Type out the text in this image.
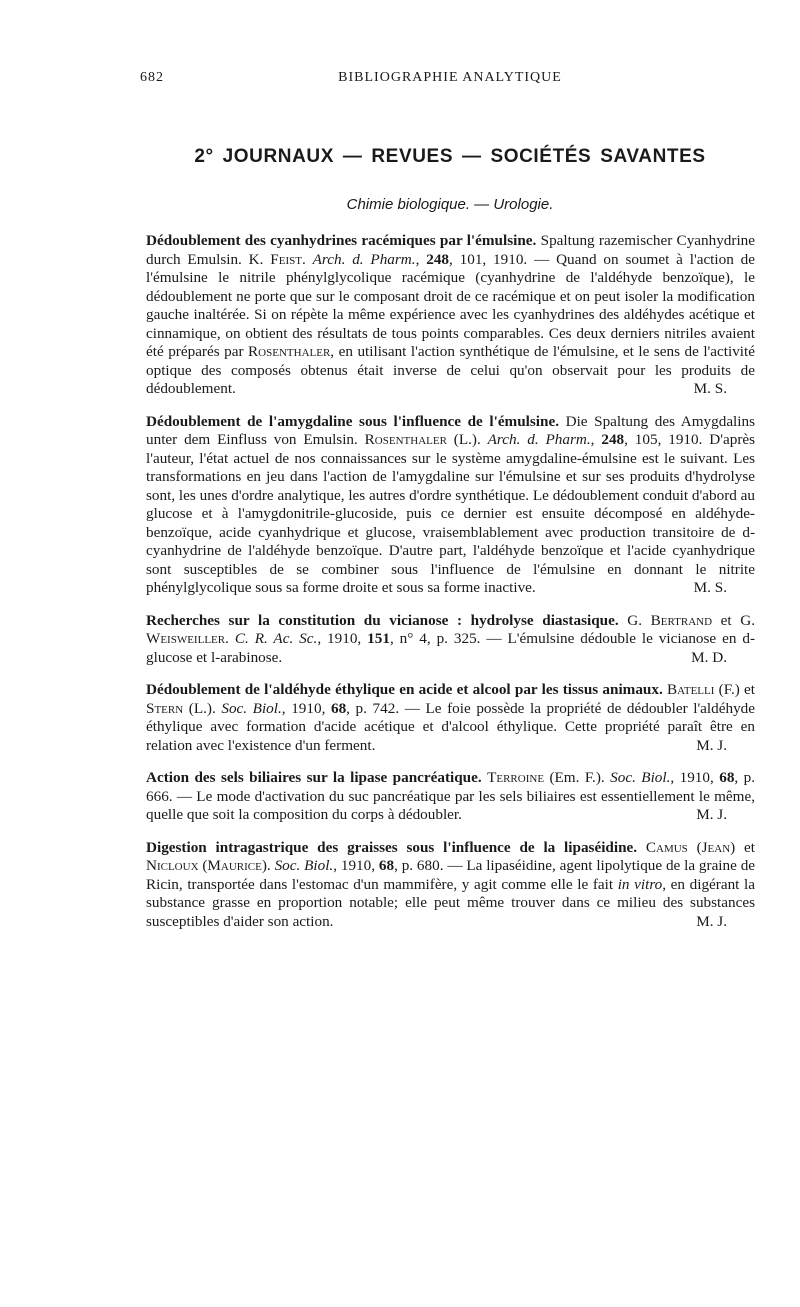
682	BIBLIOGRAPHIE ANALYTIQUE
2° JOURNAUX — REVUES — SOCIÉTÉS SAVANTES
Chimie biologique. — Urologie.

Dédoublement des cyanhydrines racémiques par l'émulsine. Spaltung razemischer Cyanhydrine durch Emulsin. K. Feist. Arch. d. Pharm., 248, 101, 1910. — Quand on soumet à l'action de l'émulsine le nitrile phénylglycolique racémique (cyanhydrine de l'aldéhyde benzoïque), le dédoublement ne porte que sur le composant droit de ce racémique et on peut isoler la modification gauche inaltérée. Si on répète la même expérience avec les cyanhydrines des aldéhydes acétique et cinnamique, on obtient des résultats de tous points comparables. Ces deux derniers nitriles avaient été préparés par Rosenthaler, en utilisant l'action synthétique de l'émulsine, et le sens de l'activité optique des composés obtenus était inverse de celui qu'on observait pour les produits de dédoublement.	M. S.

Dédoublement de l'amygdaline sous l'influence de l'émulsine. Die Spaltung des Amygdalins unter dem Einfluss von Emulsin. Rosenthaler (L.). Arch. d. Pharm., 248, 105, 1910. D'après l'auteur, l'état actuel de nos connaissances sur le système amygdaline-émulsine est le suivant. Les transformations en jeu dans l'action de l'amygdaline sur l'émulsine et sur ses produits d'hydrolyse sont, les unes d'ordre analytique, les autres d'ordre synthétique. Le dédoublement conduit d'abord au glucose et à l'amygdonitrile-glucoside, puis ce dernier est ensuite décomposé en aldéhyde-benzoïque, acide cyanhydrique et glucose, vraisemblablement avec production transitoire de d-cyanhydrine de l'aldéhyde benzoïque. D'autre part, l'aldéhyde benzoïque et l'acide cyanhydrique sont susceptibles de se combiner sous l'influence de l'émulsine en donnant le nitrite phénylglycolique sous sa forme droite et sous sa forme inactive.	M. S.

Recherches sur la constitution du vicianose : hydrolyse diastasique. G. Bertrand et G. Weisweiller. C. R. Ac. Sc., 1910, 151, n° 4, p. 325. — L'émulsine dédouble le vicianose en d-glucose et l-arabinose.	M. D.

Dédoublement de l'aldéhyde éthylique en acide et alcool par les tissus animaux. Batelli (F.) et Stern (L.). Soc. Biol., 1910, 68, p. 742. — Le foie possède la propriété de dédoubler l'aldéhyde éthylique avec formation d'acide acétique et d'alcool éthylique. Cette propriété paraît être en relation avec l'existence d'un ferment.	M. J.

Action des sels biliaires sur la lipase pancréatique. Terroine (Em. F.). Soc. Biol., 1910, 68, p. 666. — Le mode d'activation du suc pancréatique par les sels biliaires est essentiellement le même, quelle que soit la composition du corps à dédoubler.	M. J.

Digestion intragastrique des graisses sous l'influence de la lipaséidine. Camus (Jean) et Nicloux (Maurice). Soc. Biol., 1910, 68, p. 680. — La lipaséidine, agent lipolytique de la graine de Ricin, transportée dans l'estomac d'un mammifère, y agit comme elle le fait in vitro, en digérant la substance grasse en proportion notable; elle peut même trouver dans ce milieu des substances susceptibles d'aider son action.	M. J.
